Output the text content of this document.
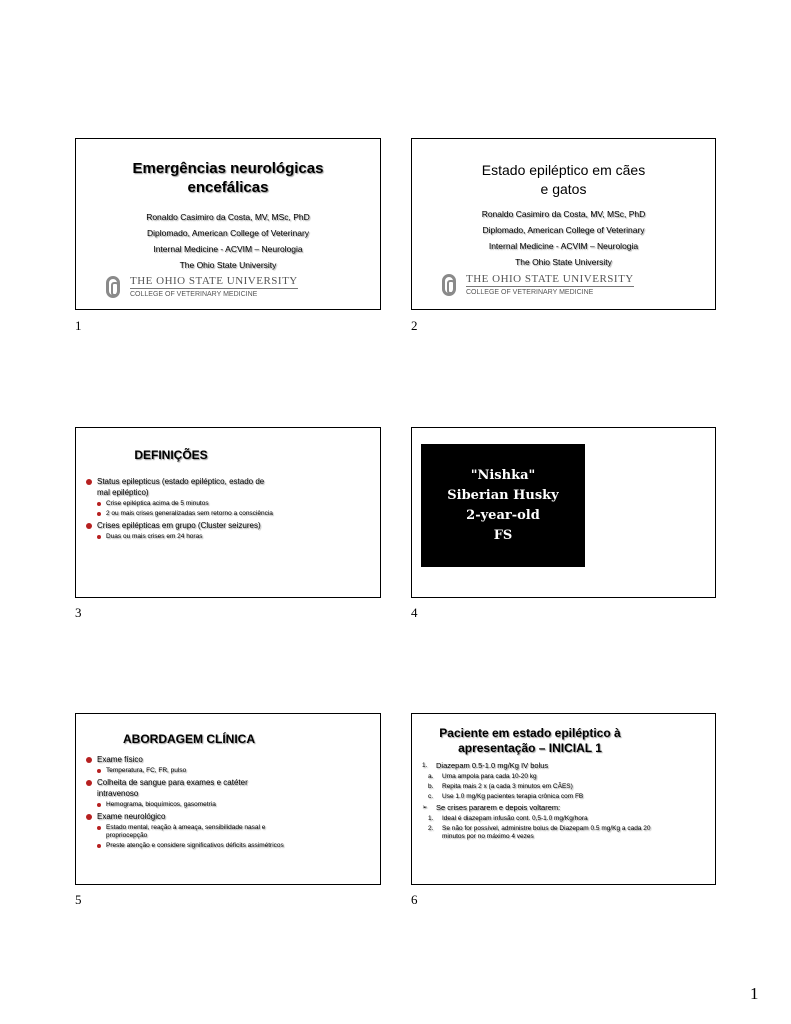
Emergências neurológicas
encefálicas
Ronaldo Casimiro da Costa, MV, MSc, PhD
Diplomado, American College of Veterinary
Internal Medicine - ACVIM – Neurologia
The Ohio State University
THE OHIO STATE UNIVERSITY
COLLEGE OF VETERINARY MEDICINE
1
Estado epiléptico em cães
e gatos
Ronaldo Casimiro da Costa, MV, MSc, PhD
Diplomado, American College of Veterinary
Internal Medicine - ACVIM – Neurologia
The Ohio State University
THE OHIO STATE UNIVERSITY
COLLEGE OF VETERINARY MEDICINE
2
DEFINIÇÕES
Status epilepticus (estado epiléptico, estado de mal epiléptico)
Crise epiléptica acima de 5 minutos
2 ou mais crises generalizadas sem retorno a consciência
Crises epilépticas em grupo (Cluster seizures)
Duas ou mais crises em 24 horas
3
"Nishka"
Siberian Husky
2-year-old
FS
4
ABORDAGEM CLÍNICA
Exame físico
Temperatura, FC, FR, pulso
Colheita de sangue para exames e catéter intravenoso
Hemograma, bioquímicos, gasometria
Exame neurológico
Estado mental, reação à ameaça, sensibilidade nasal e propriocepção
Preste atenção e considere significativos déficits assimétricos
5
Paciente em estado epiléptico à
apresentação – INICIAL 1
1. Diazepam 0.5-1.0 mg/Kg IV bolus
a. Uma ampola para cada 10-20 kg
b. Repita mais 2 x (a cada 3 minutos em CÃES)
c. Use 1.0 mg/Kg pacientes terapia crônica com FB
➢ Se crises pararem e depois voltarem:
1. Ideal é diazepam infusão cont. 0,5-1.0 mg/Kg/hora
2. Se não for possível, administre bolus de Diazepam 0.5 mg/Kg a cada 20 minutos por no máximo 4 vezes
6
1
